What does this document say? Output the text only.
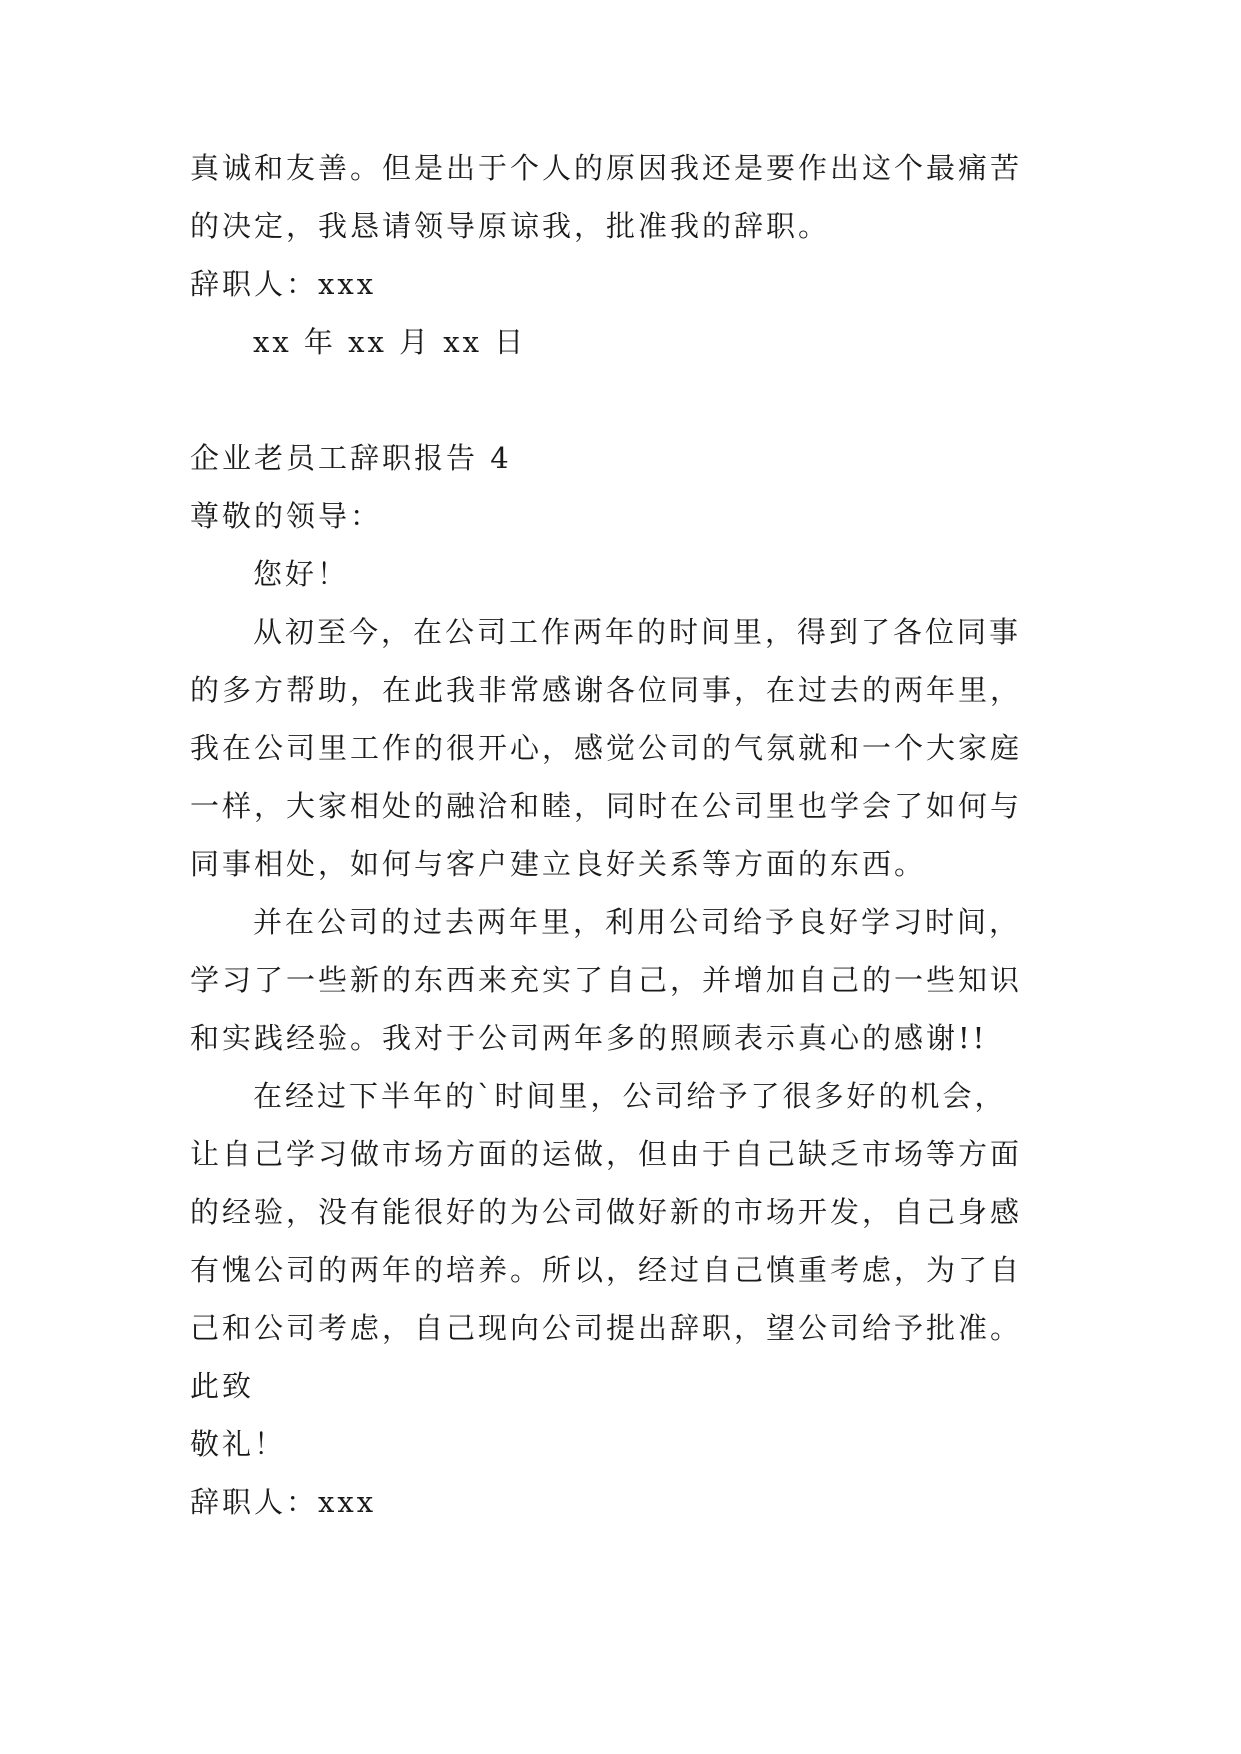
真诚和友善。但是出于个人的原因我还是要作出这个最痛苦
的决定，我恳请领导原谅我，批准我的辞职。
辞职人：xxx
xx 年 xx 月 xx 日
企业老员工辞职报告 4
尊敬的领导：
您好！
从初至今，在公司工作两年的时间里，得到了各位同事
的多方帮助，在此我非常感谢各位同事，在过去的两年里，
我在公司里工作的很开心，感觉公司的气氛就和一个大家庭
一样，大家相处的融洽和睦，同时在公司里也学会了如何与
同事相处，如何与客户建立良好关系等方面的东西。
并在公司的过去两年里，利用公司给予良好学习时间，
学习了一些新的东西来充实了自己，并增加自己的一些知识
和实践经验。我对于公司两年多的照顾表示真心的感谢!!
在经过下半年的`时间里，公司给予了很多好的机会，
让自己学习做市场方面的运做，但由于自己缺乏市场等方面
的经验，没有能很好的为公司做好新的市场开发，自己身感
有愧公司的两年的培养。所以，经过自己慎重考虑，为了自
己和公司考虑，自己现向公司提出辞职，望公司给予批准。
此致
敬礼！
辞职人：xxx
